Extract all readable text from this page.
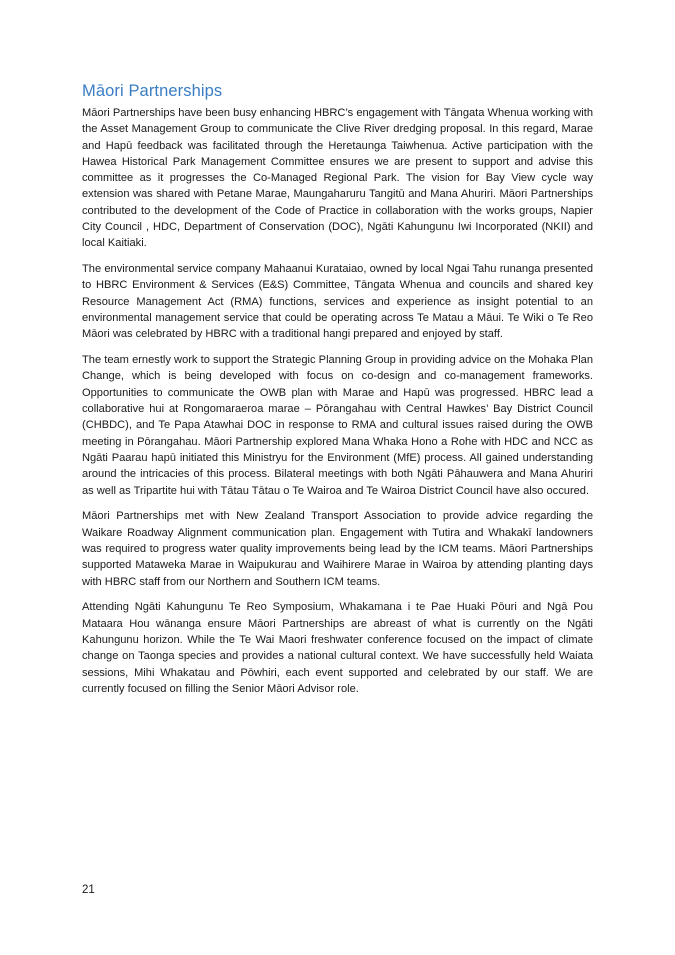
Māori Partnerships

Māori Partnerships have been busy enhancing HBRC’s engagement with Tāngata Whenua working with the Asset Management Group to communicate the Clive River dredging proposal. In this regard, Marae and Hapū feedback was facilitated through the Heretaunga Taiwhenua. Active participation with the Hawea Historical Park Management Committee ensures we are present to support and advise this committee as it progresses the Co-Managed Regional Park. The vision for Bay View cycle way extension was shared with Petane Marae, Maungaharuru Tangitū and Mana Ahuriri. Māori Partnerships contributed to the development of the Code of Practice in collaboration with the works groups, Napier City Council , HDC, Department of Conservation (DOC), Ngāti Kahungunu Iwi Incorporated (NKII) and local Kaitiaki.

The environmental service company Mahaanui Kurataiao, owned by local Ngai Tahu runanga presented to HBRC Environment & Services (E&S) Committee, Tāngata Whenua and councils and shared key Resource Management Act (RMA) functions, services and experience as insight potential to an environmental management service that could be operating across Te Matau a Māui. Te Wiki o Te Reo Māori was celebrated by HBRC with a traditional hangi prepared and enjoyed by staff.

The team ernestly work to support the Strategic Planning Group in providing advice on the Mohaka Plan Change, which is being developed with focus on co-design and co-management frameworks. Opportunities to communicate the OWB plan with Marae and Hapū was progressed. HBRC lead a collaborative hui at Rongomaraeroa marae – Pōrangahau with Central Hawkes’ Bay District Council (CHBDC), and Te Papa Atawhai DOC in response to RMA and cultural issues raised during the OWB meeting in Pōrangahau. Māori Partnership explored Mana Whaka Hono a Rohe with HDC and NCC as Ngāti Paarau hapū initiated this Ministryu for the Environment (MfE) process. All gained understanding around the intricacies of this process. Bilateral meetings with both Ngāti Pāhauwera and Mana Ahuriri as well as Tripartite hui with Tātau Tātau o Te Wairoa and Te Wairoa District Council have also occured.

Māori Partnerships met with New Zealand Transport Association to provide advice regarding the Waikare Roadway Alignment communication plan. Engagement with Tutira and Whakakī landowners was required to progress water quality improvements being lead by the ICM teams. Māori Partnerships supported Mataweka Marae in Waipukurau and Waihirere Marae in Wairoa by attending planting days with HBRC staff from our Northern and Southern ICM teams.

Attending Ngāti Kahungunu Te Reo Symposium, Whakamana i te Pae Huaki Pōuri and Ngā Pou Mataara Hou wānanga ensure Māori Partnerships are abreast of what is currently on the Ngāti Kahungunu horizon. While the Te Wai Maori freshwater conference focused on the impact of climate change on Taonga species and provides a national cultural context. We have successfully held Waiata sessions, Mihi Whakatau and Pōwhiri, each event supported and celebrated by our staff. We are currently focused on filling the Senior Māori Advisor role.

21
